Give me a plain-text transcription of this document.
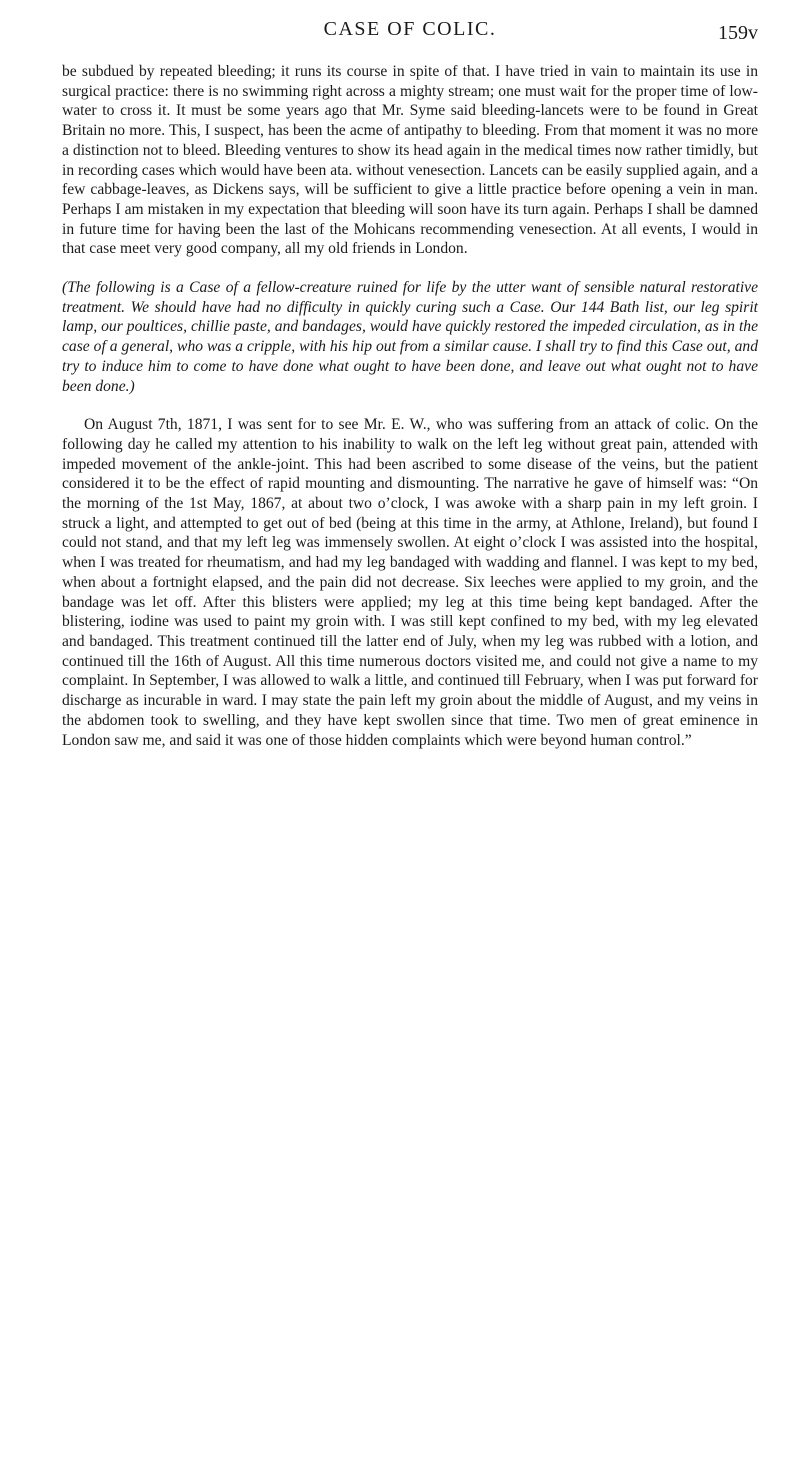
CASE OF COLIC.	159v

be subdued by repeated bleeding; it runs its course in spite of that. I have tried in vain to maintain its use in surgical practice: there is no swimming right across a mighty stream; one must wait for the proper time of low-water to cross it. It must be some years ago that Mr. Syme said bleeding-lancets were to be found in Great Britain no more. This, I suspect, has been the acme of antipathy to bleeding. From that moment it was no more a distinction not to bleed. Bleeding ventures to show its head again in the medical times now rather timidly, but in recording cases which would have been ata. without venesection. Lancets can be easily supplied again, and a few cabbage-leaves, as Dickens says, will be sufficient to give a little practice before opening a vein in man. Perhaps I am mistaken in my expectation that bleeding will soon have its turn again. Perhaps I shall be damned in future time for having been the last of the Mohicans recommending venesection. At all events, I would in that case meet very good company, all my old friends in London.

(The following is a Case of a fellow-creature ruined for life by the utter want of sensible natural restorative treatment. We should have had no difficulty in quickly curing such a Case. Our 144 Bath list, our leg spirit lamp, our poultices, chillie paste, and bandages, would have quickly restored the impeded circulation, as in the case of a general, who was a cripple, with his hip out from a similar cause. I shall try to find this Case out, and try to induce him to come to have done what ought to have been done, and leave out what ought not to have been done.)

On August 7th, 1871, I was sent for to see Mr. E. W., who was suffering from an attack of colic. On the following day he called my attention to his inability to walk on the left leg without great pain, attended with impeded movement of the ankle-joint. This had been ascribed to some disease of the veins, but the patient considered it to be the effect of rapid mounting and dismounting. The narrative he gave of himself was: “On the morning of the 1st May, 1867, at about two o’clock, I was awoke with a sharp pain in my left groin. I struck a light, and attempted to get out of bed (being at this time in the army, at Athlone, Ireland), but found I could not stand, and that my left leg was immensely swollen. At eight o’clock I was assisted into the hospital, when I was treated for rheumatism, and had my leg bandaged with wadding and flannel. I was kept to my bed, when about a fortnight elapsed, and the pain did not decrease. Six leeches were applied to my groin, and the bandage was let off. After this blisters were applied; my leg at this time being kept bandaged. After the blistering, iodine was used to paint my groin with. I was still kept confined to my bed, with my leg elevated and bandaged. This treatment continued till the latter end of July, when my leg was rubbed with a lotion, and continued till the 16th of August. All this time numerous doctors visited me, and could not give a name to my complaint. In September, I was allowed to walk a little, and continued till February, when I was put forward for discharge as incurable in ward. I may state the pain left my groin about the middle of August, and my veins in the abdomen took to swelling, and they have kept swollen since that time. Two men of great eminence in London saw me, and said it was one of those hidden complaints which were beyond human control.”
